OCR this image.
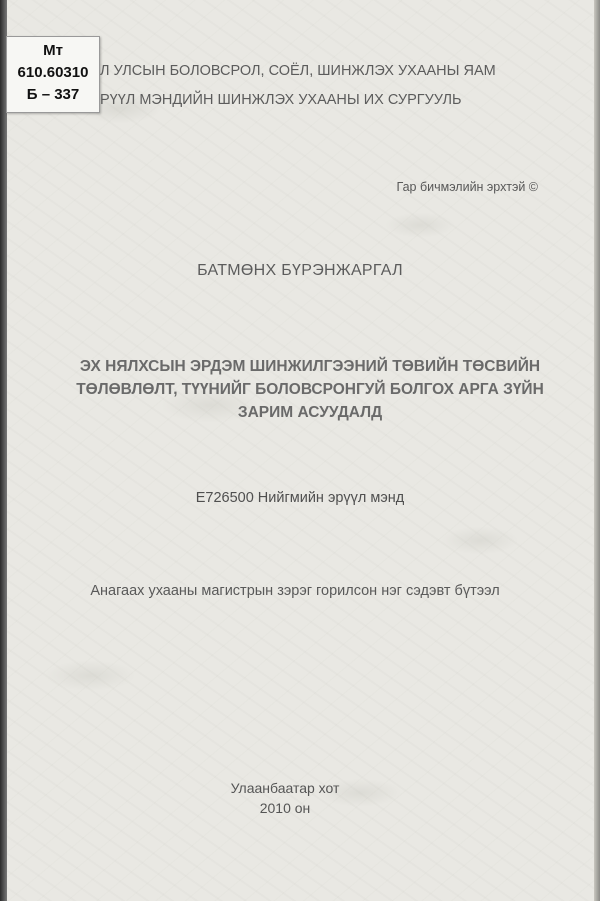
Мт
610.60310
Б – 337
Л УЛСЫН БОЛОВСРОЛ, СОЁЛ, ШИНЖЛЭХ УХААНЫ ЯАМ
РҮҮЛ МЭНДИЙН ШИНЖЛЭХ УХААНЫ ИХ СУРГУУЛЬ
Гар бичмэлийн эрхтэй ©
БАТМӨНХ БҮРЭНЖАРГАЛ
ЭХ НЯЛХСЫН ЭРДЭМ ШИНЖИЛГЭЭНИЙ ТӨВИЙН ТӨСВИЙН
ТӨЛӨВЛӨЛТ, ТҮҮНИЙГ БОЛОВСРОНГУЙ БОЛГОХ АРГА ЗҮЙН
ЗАРИМ АСУУДАЛД
Е726500 Нийгмийн эрүүл мэнд
Анагаах ухааны магистрын зэрэг горилсон нэг сэдэвт бүтээл
Улаанбаатар хот
2010 он
